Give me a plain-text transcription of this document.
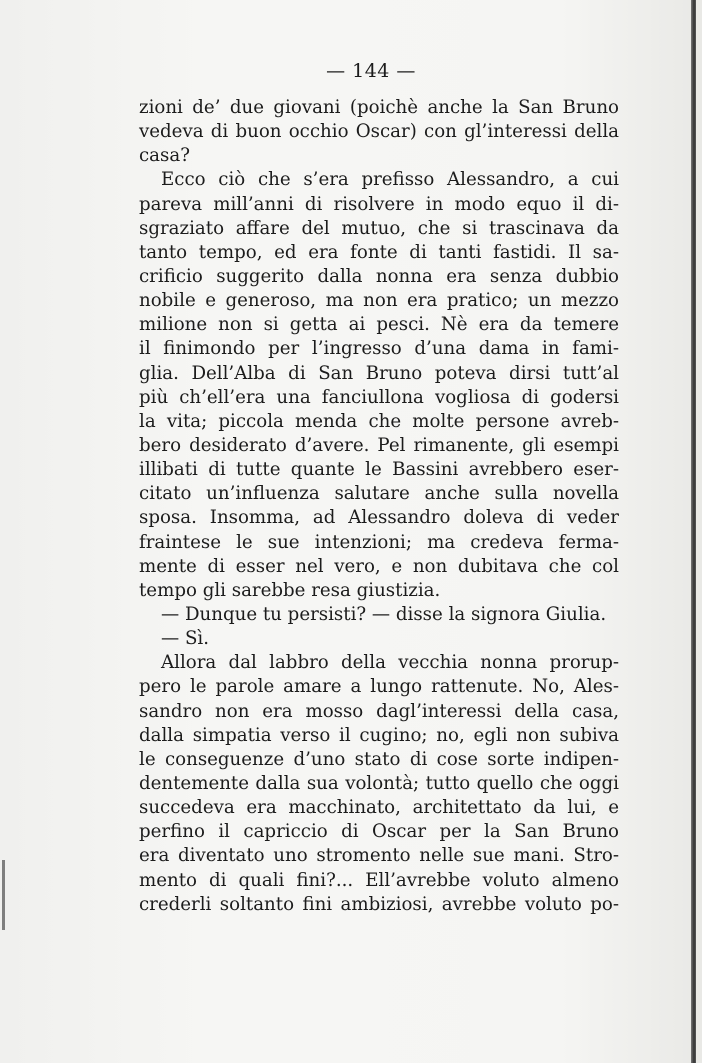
— 144 —
zioni de’ due giovani (poichè anche la San Bruno
vedeva di buon occhio Oscar) con gl’interessi della
casa?
Ecco ciò che s’era prefisso Alessandro, a cui
pareva mill’anni di risolvere in modo equo il di-
sgraziato affare del mutuo, che si trascinava da
tanto tempo, ed era fonte di tanti fastidi. Il sa-
crificio suggerito dalla nonna era senza dubbio
nobile e generoso, ma non era pratico; un mezzo
milione non si getta ai pesci. Nè era da temere
il finimondo per l’ingresso d’una dama in fami-
glia. Dell’Alba di San Bruno poteva dirsi tutt’al
più ch’ell’era una fanciullona vogliosa di godersi
la vita; piccola menda che molte persone avreb-
bero desiderato d’avere. Pel rimanente, gli esempi
illibati di tutte quante le Bassini avrebbero eser-
citato un’influenza salutare anche sulla novella
sposa. Insomma, ad Alessandro doleva di veder
fraintese le sue intenzioni; ma credeva ferma-
mente di esser nel vero, e non dubitava che col
tempo gli sarebbe resa giustizia.
— Dunque tu persisti? — disse la signora Giulia.
— Sì.
Allora dal labbro della vecchia nonna prorup-
pero le parole amare a lungo rattenute. No, Ales-
sandro non era mosso dagl’interessi della casa,
dalla simpatia verso il cugino; no, egli non subiva
le conseguenze d’uno stato di cose sorte indipen-
dentemente dalla sua volontà; tutto quello che oggi
succedeva era macchinato, architettato da lui, e
perfino il capriccio di Oscar per la San Bruno
era diventato uno stromento nelle sue mani. Stro-
mento di quali fini?... Ell’avrebbe voluto almeno
crederli soltanto fini ambiziosi, avrebbe voluto po-
